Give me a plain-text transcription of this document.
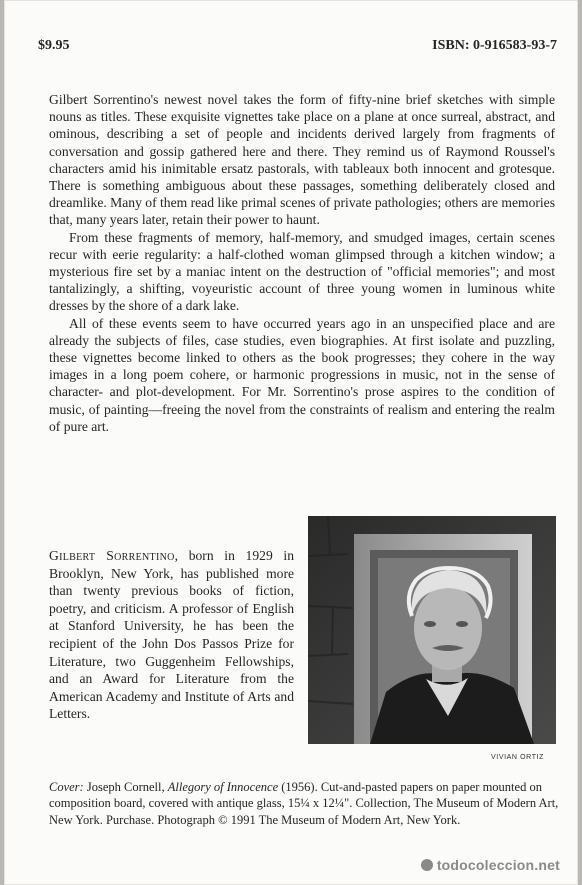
$9.95	ISBN: 0-916583-93-7

Gilbert Sorrentino's newest novel takes the form of fifty-nine brief sketches with simple nouns as titles. These exquisite vignettes take place on a plane at once surreal, abstract, and ominous, describing a set of people and incidents derived largely from fragments of conversation and gossip gathered here and there. They remind us of Raymond Roussel's characters amid his inimitable ersatz pastorals, with tableaux both innocent and grotesque. There is something ambiguous about these passages, something deliberately closed and dreamlike. Many of them read like primal scenes of private pathologies; others are memories that, many years later, retain their power to haunt.

From these fragments of memory, half-memory, and smudged images, certain scenes recur with eerie regularity: a half-clothed woman glimpsed through a kitchen window; a mysterious fire set by a maniac intent on the destruction of "official memories"; and most tantalizingly, a shifting, voyeuristic account of three young women in luminous white dresses by the shore of a dark lake.

All of these events seem to have occurred years ago in an unspecified place and are already the subjects of files, case studies, even biographies. At first isolate and puzzling, these vignettes become linked to others as the book progresses; they cohere in the way images in a long poem cohere, or harmonic progressions in music, not in the sense of character- and plot-development. For Mr. Sorrentino's prose aspires to the condition of music, of painting—freeing the novel from the constraints of realism and entering the realm of pure art.

Gilbert Sorrentino, born in 1929 in Brooklyn, New York, has published more than twenty previous books of fiction, poetry, and criticism. A professor of English at Stanford University, he has been the recipient of the John Dos Passos Prize for Literature, two Guggenheim Fellowships, and an Award for Literature from the American Academy and Institute of Arts and Letters.

VIVIAN ORTIZ

Cover: Joseph Cornell, Allegory of Innocence (1956). Cut-and-pasted papers on paper mounted on composition board, covered with antique glass, 15¼ x 12¼". Collection, The Museum of Modern Art, New York. Purchase. Photograph © 1991 The Museum of Modern Art, New York.

todocoleccion.net
